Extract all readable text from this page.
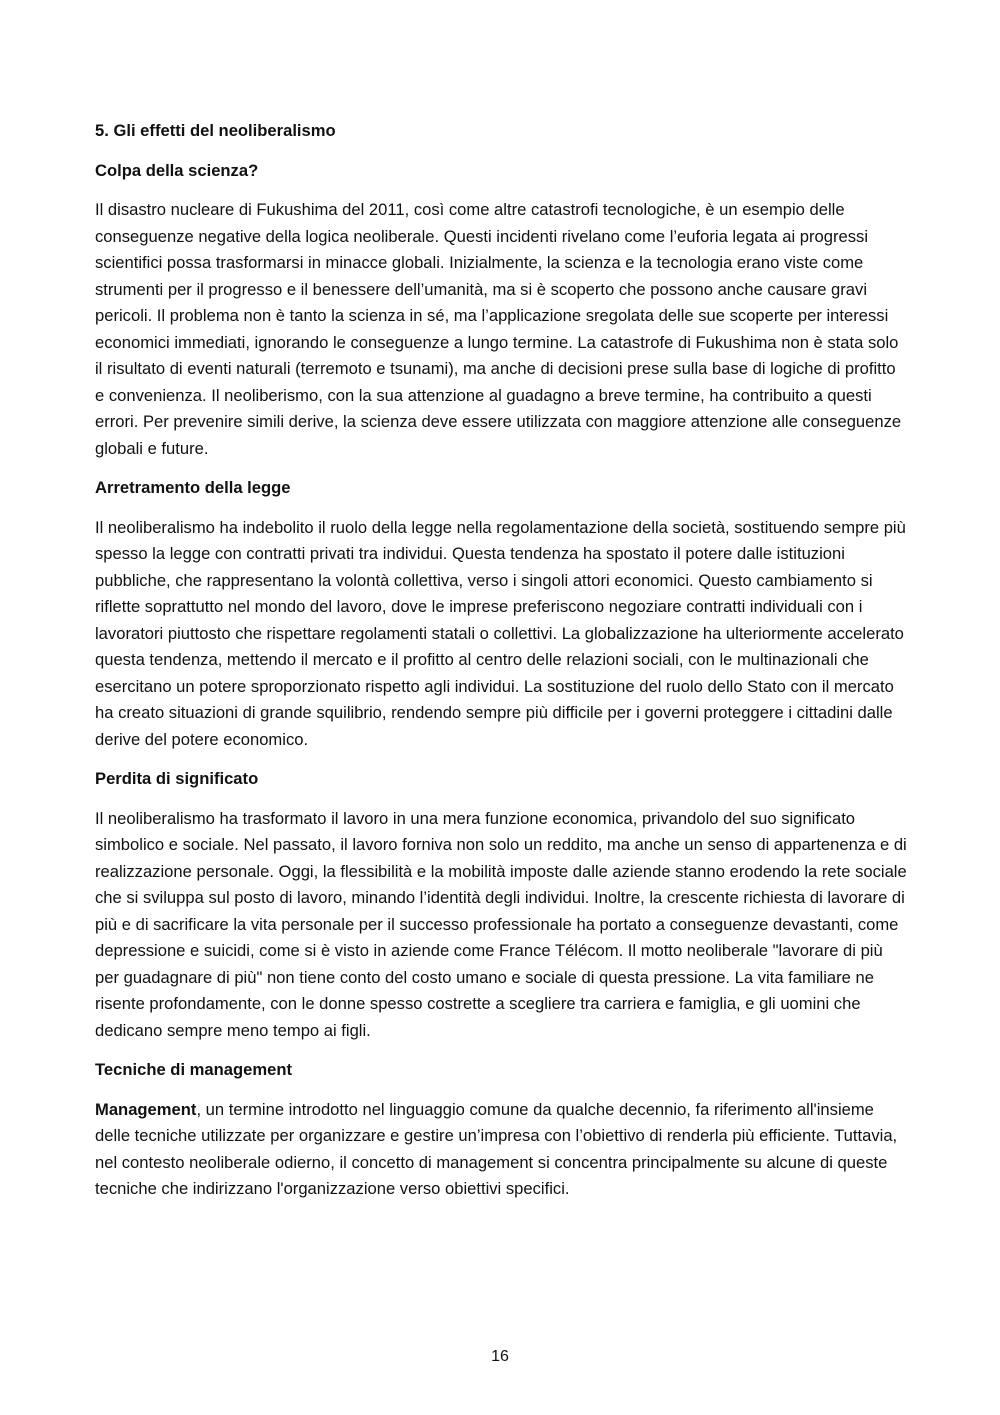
5. Gli effetti del neoliberalismo
Colpa della scienza?
Il disastro nucleare di Fukushima del 2011, così come altre catastrofi tecnologiche, è un esempio delle conseguenze negative della logica neoliberale. Questi incidenti rivelano come l’euforia legata ai progressi scientifici possa trasformarsi in minacce globali. Inizialmente, la scienza e la tecnologia erano viste come strumenti per il progresso e il benessere dell’umanità, ma si è scoperto che possono anche causare gravi pericoli. Il problema non è tanto la scienza in sé, ma l’applicazione sregolata delle sue scoperte per interessi economici immediati, ignorando le conseguenze a lungo termine. La catastrofe di Fukushima non è stata solo il risultato di eventi naturali (terremoto e tsunami), ma anche di decisioni prese sulla base di logiche di profitto e convenienza. Il neoliberismo, con la sua attenzione al guadagno a breve termine, ha contribuito a questi errori. Per prevenire simili derive, la scienza deve essere utilizzata con maggiore attenzione alle conseguenze globali e future.
Arretramento della legge
Il neoliberalismo ha indebolito il ruolo della legge nella regolamentazione della società, sostituendo sempre più spesso la legge con contratti privati tra individui. Questa tendenza ha spostato il potere dalle istituzioni pubbliche, che rappresentano la volontà collettiva, verso i singoli attori economici. Questo cambiamento si riflette soprattutto nel mondo del lavoro, dove le imprese preferiscono negoziare contratti individuali con i lavoratori piuttosto che rispettare regolamenti statali o collettivi. La globalizzazione ha ulteriormente accelerato questa tendenza, mettendo il mercato e il profitto al centro delle relazioni sociali, con le multinazionali che esercitano un potere sproporzionato rispetto agli individui. La sostituzione del ruolo dello Stato con il mercato ha creato situazioni di grande squilibrio, rendendo sempre più difficile per i governi proteggere i cittadini dalle derive del potere economico.
Perdita di significato
Il neoliberalismo ha trasformato il lavoro in una mera funzione economica, privandolo del suo significato simbolico e sociale. Nel passato, il lavoro forniva non solo un reddito, ma anche un senso di appartenenza e di realizzazione personale. Oggi, la flessibilità e la mobilità imposte dalle aziende stanno erodendo la rete sociale che si sviluppa sul posto di lavoro, minando l’identità degli individui. Inoltre, la crescente richiesta di lavorare di più e di sacrificare la vita personale per il successo professionale ha portato a conseguenze devastanti, come depressione e suicidi, come si è visto in aziende come France Télécom. Il motto neoliberale "lavorare di più per guadagnare di più" non tiene conto del costo umano e sociale di questa pressione. La vita familiare ne risente profondamente, con le donne spesso costrette a scegliere tra carriera e famiglia, e gli uomini che dedicano sempre meno tempo ai figli.
Tecniche di management
Management, un termine introdotto nel linguaggio comune da qualche decennio, fa riferimento all'insieme delle tecniche utilizzate per organizzare e gestire un’impresa con l’obiettivo di renderla più efficiente. Tuttavia, nel contesto neoliberale odierno, il concetto di management si concentra principalmente su alcune di queste tecniche che indirizzano l'organizzazione verso obiettivi specifici.
16
